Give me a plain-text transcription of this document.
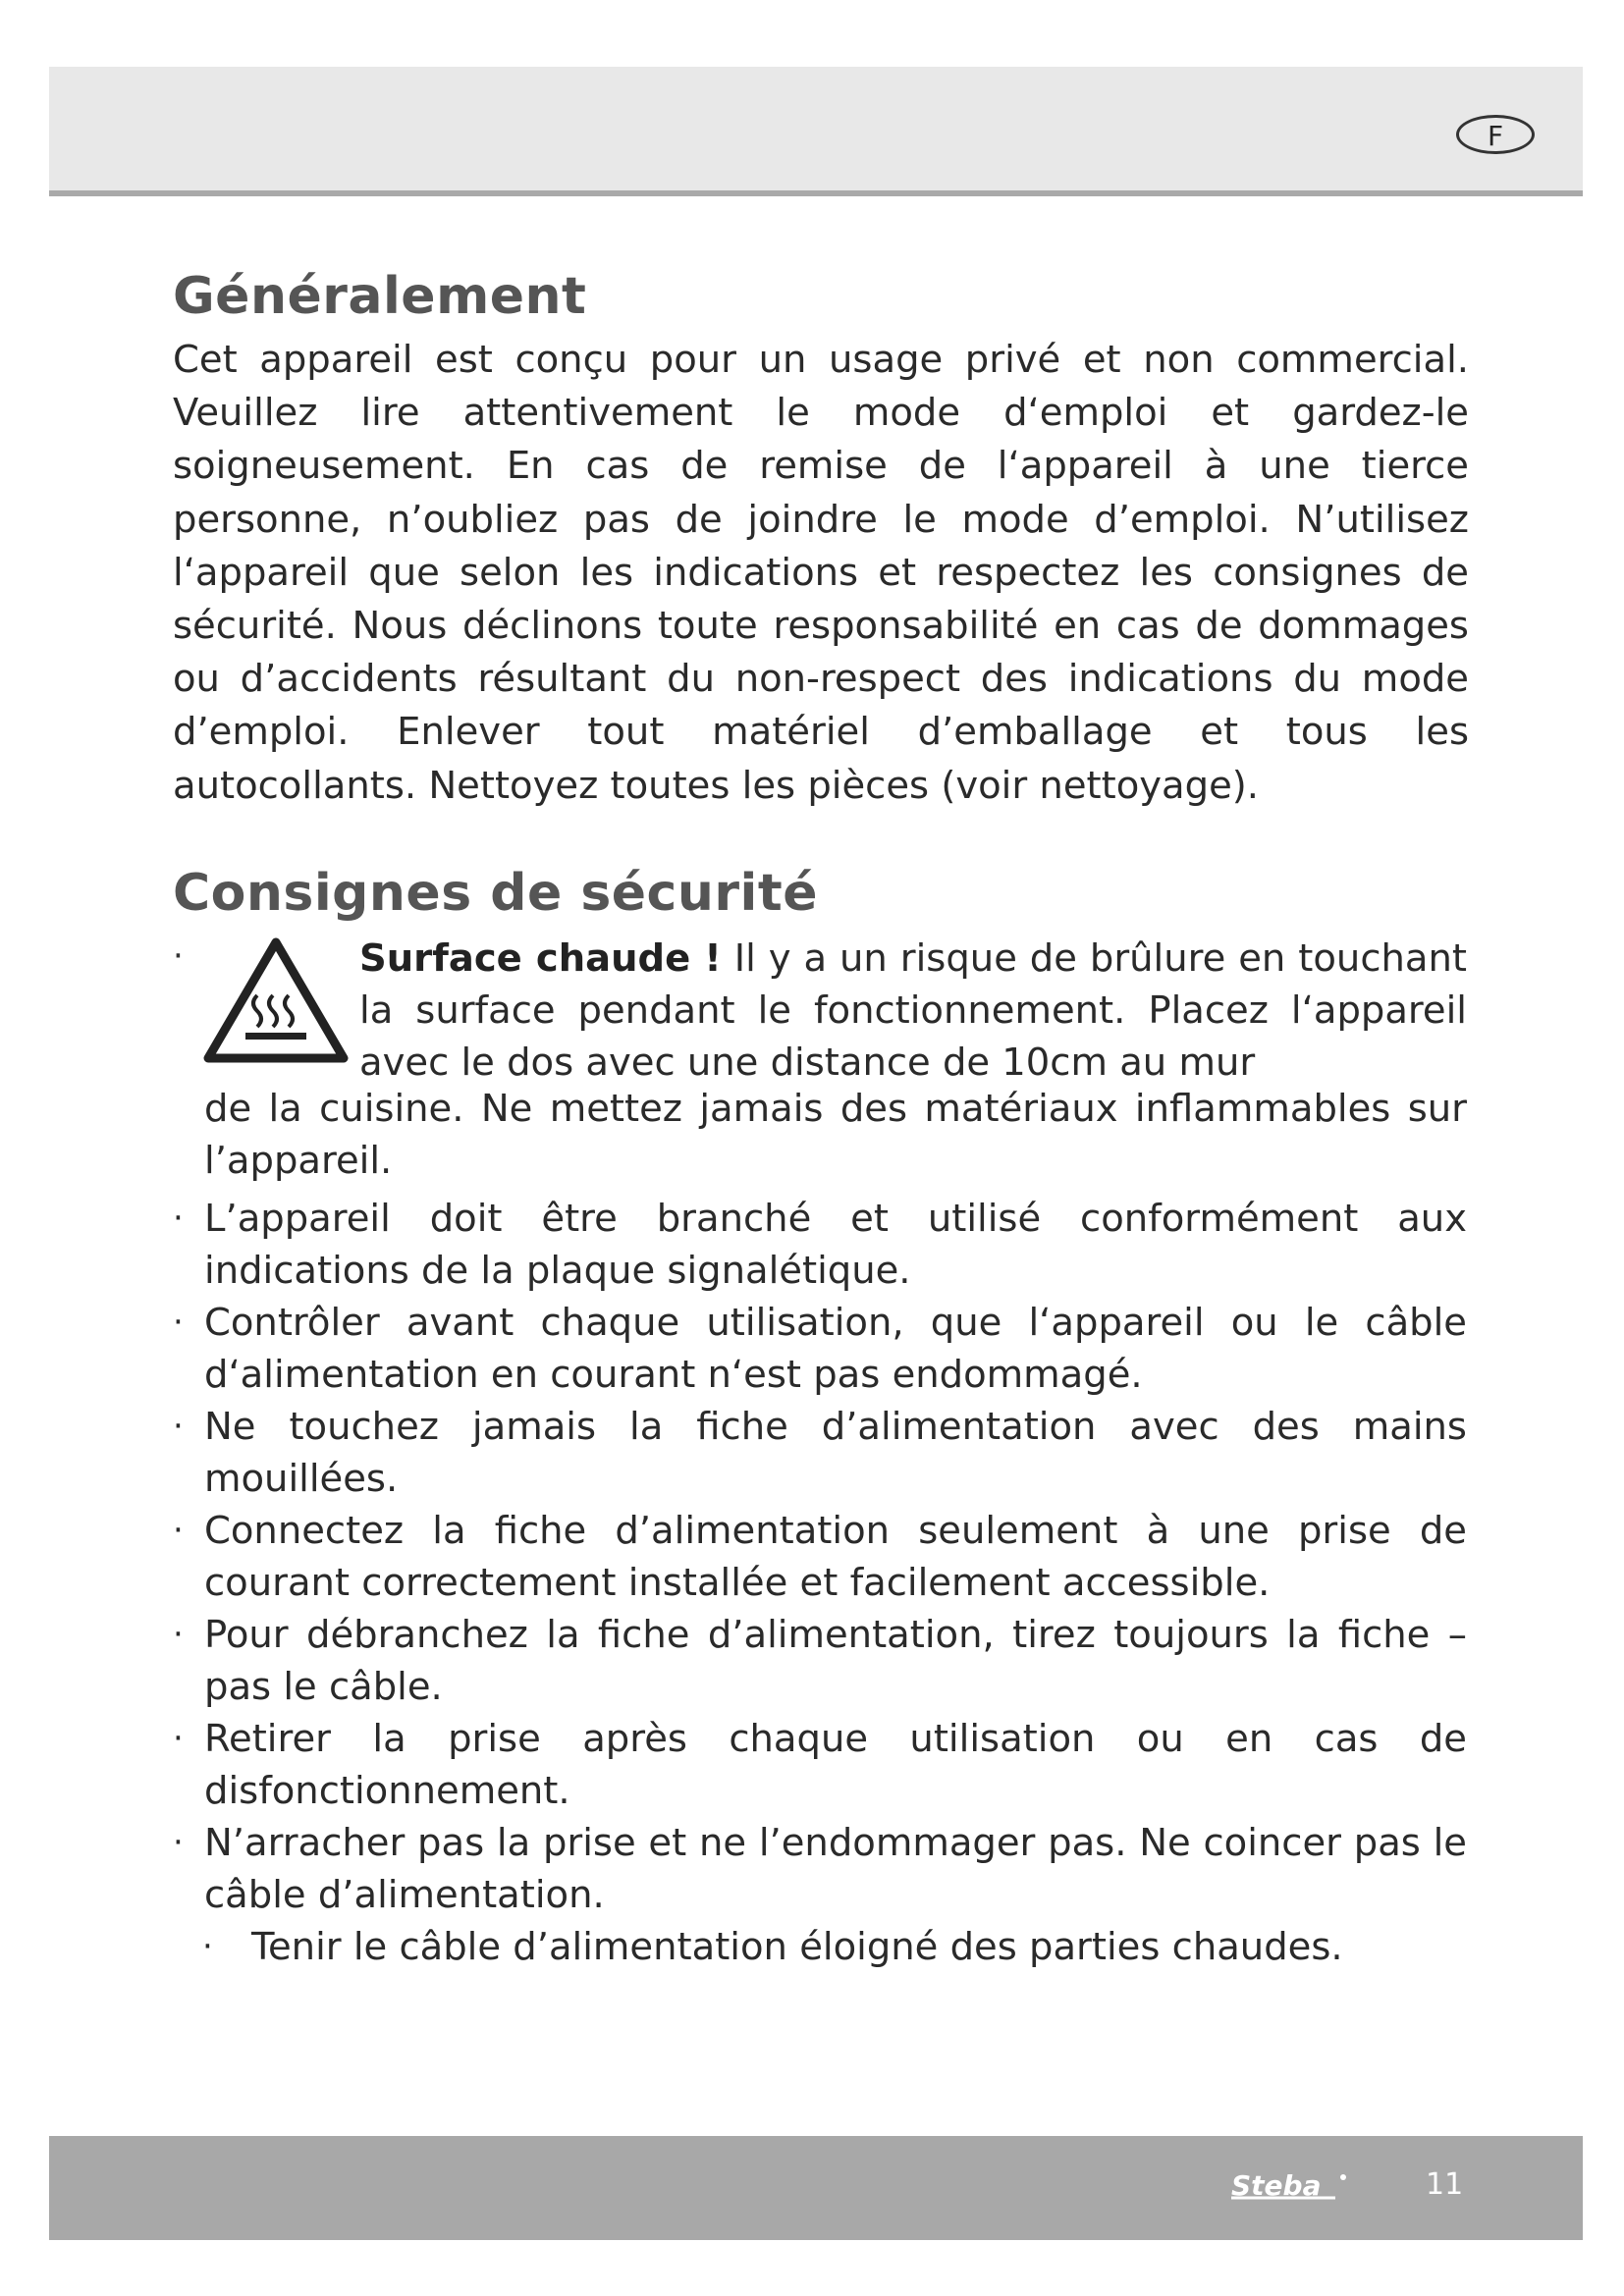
F
Généralement

Cet appareil est conçu pour un usage privé et non commercial. Veuillez lire attentivement le mode d‘emploi et gardez-le soigneusement. En cas de remise de l‘appareil à une tierce personne, n’oubliez pas de joindre le mode d’emploi. N’utilisez l‘appareil que selon les indications et respectez les consignes de sécurité. Nous déclinons toute responsabilité en cas de dommages ou d’accidents résultant du non-respect des indications du mode d’emploi. Enlever tout matériel d’emballage et tous les autocollants. Nettoyez toutes les pièces (voir nettoyage).

Consignes de sécurité
·	Surface chaude ! Il y a un risque de brûlure en touchant la surface pendant le fonctionnement. Placez l‘appareil avec le dos avec une distance de 10cm au mur

de la cuisine. Ne mettez jamais des matériaux inflammables sur l’appareil.

· L’appareil doit être branché et utilisé conformément aux indications de la plaque signalétique.
· Contrôler avant chaque utilisation, que l‘appareil ou le câble d‘alimentation en courant n‘est pas endommagé.
· Ne touchez jamais la fiche d’alimentation avec des mains mouillées.
· Connectez la fiche d’alimentation seulement à une prise de courant correctement installée et facilement accessible.
· Pour débranchez la fiche d’alimentation, tirez toujours la fiche – pas le câble.
· Retirer la prise après chaque utilisation ou en cas de disfonctionnement.
· N’arracher pas la prise et ne l’endommager pas. Ne coincer pas le câble d’alimentation.
· Tenir le câble d’alimentation éloigné des parties chaudes.
Steba	11
